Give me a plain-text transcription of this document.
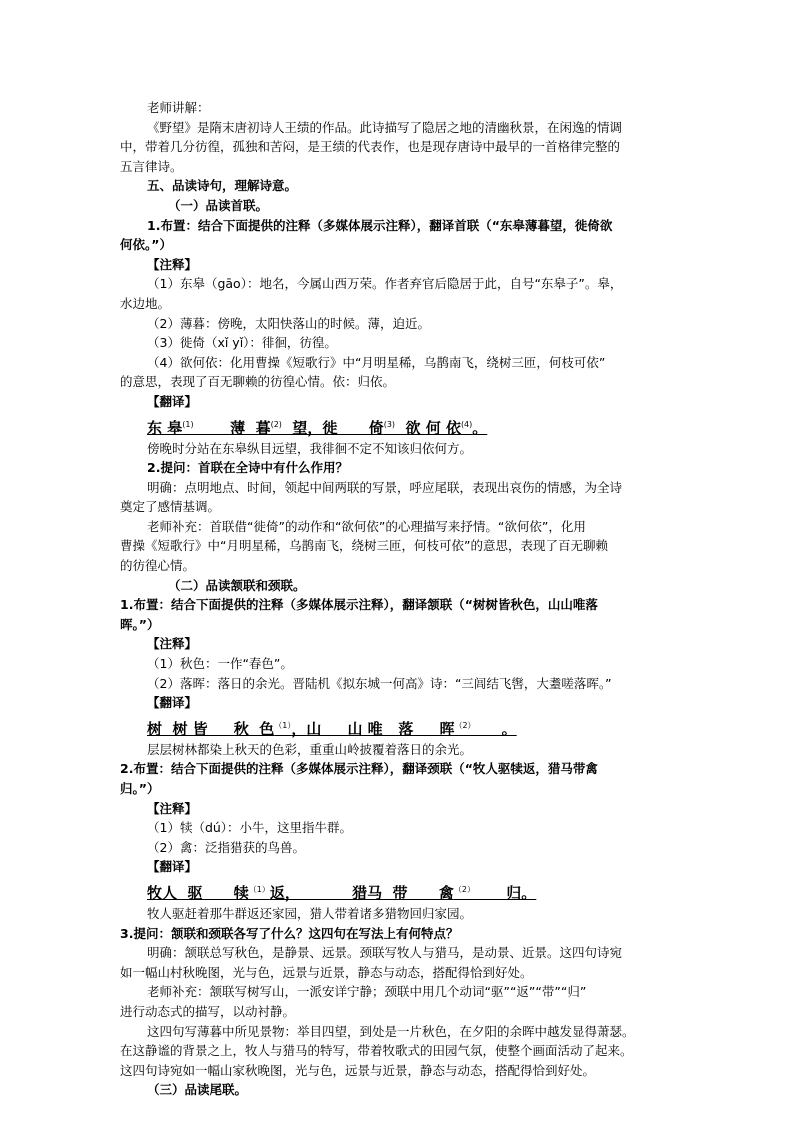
老师讲解：

《野望》是隋末唐初诗人王绩的作品。此诗描写了隐居之地的清幽秋景，在闲逸的情调

中，带着几分彷徨，孤独和苦闷，是王绩的代表作，也是现存唐诗中最早的一首格律完整的

五言律诗。

五、品读诗句，理解诗意。

（一）品读首联。

1.布置：结合下面提供的注释（多媒体展示注释），翻译首联（“东皋薄暮望，徙倚欲

何依。”）

【注释】

（1）东皋（gāo）：地名，今属山西万荣。作者弃官后隐居于此，自号“东皋子”。皋，

水边地。

（2）薄暮：傍晚，太阳快落山的时候。薄，迫近。

（3）徙倚（xǐ yǐ）：徘徊，彷徨。

（4）欲何依：化用曹操《短歌行》中“月明星稀，乌鹊南飞，绕树三匝，何枝可依”

的意思，表现了百无聊赖的彷徨心情。依：归依。

【翻译】

东 皋$^{(1)}$       薄  暮$^{(2)}$  望，徙      倚$^{(3)}$  欲 何 依$^{(4)}$。

傍晚时分站在东皋纵目远望，我徘徊不定不知该归依何方。

2.提问：首联在全诗中有什么作用？

明确：点明地点、时间，领起中间两联的写景，呼应尾联，表现出哀伤的情感，为全诗

奠定了感情基调。

老师补充：首联借“徙倚”的动作和“欲何依”的心理描写来抒情。“欲何依”，化用

曹操《短歌行》中“月明星稀，乌鹊南飞，绕树三匝，何枝可依”的意思，表现了百无聊赖

的彷徨心情。

（二）品读颔联和颈联。

1.布置：结合下面提供的注释（多媒体展示注释），翻译颔联（“树树皆秋色，山山唯落

晖。”）

【注释】

（1）秋色：一作“春色”。

（2）落晖：落日的余光。晋陆机《拟东城一何高》诗：“三闾结飞辔，大耋嗟落晖。”

【翻译】

树  树 皆     秋  色$^{(1)}$，山     山 唯   落     晖$^{(2)}$     。

层层树林都染上秋天的色彩，重重山岭披覆着落日的余光。

2.布置：结合下面提供的注释（多媒体展示注释），翻译颈联（“牧人驱犊返，猎马带禽

归。”）

【注释】

（1）犊（dú）：小牛，这里指牛群。

（2）禽：泛指猎获的鸟兽。

【翻译】

牧人  驱      犊$^{(1)}$返，          猎马  带      禽$^{(2)}$      归。

牧人驱赶着那牛群返还家园，猎人带着诸多猎物回归家园。

3.提问：颔联和颈联各写了什么？这四句在写法上有何特点？

明确：颔联总写秋色，是静景、远景。颈联写牧人与猎马，是动景、近景。这四句诗宛

如一幅山村秋晚图，光与色，远景与近景，静态与动态，搭配得恰到好处。

老师补充：颔联写树写山，一派安详宁静；颈联中用几个动词“驱”“返”“带”“归”

进行动态式的描写，以动衬静。

这四句写薄暮中所见景物：举目四望，到处是一片秋色，在夕阳的余晖中越发显得萧瑟。

在这静谧的背景之上，牧人与猎马的特写，带着牧歌式的田园气氛，使整个画面活动了起来。

这四句诗宛如一幅山家秋晚图，光与色，远景与近景，静态与动态，搭配得恰到好处。

（三）品读尾联。
